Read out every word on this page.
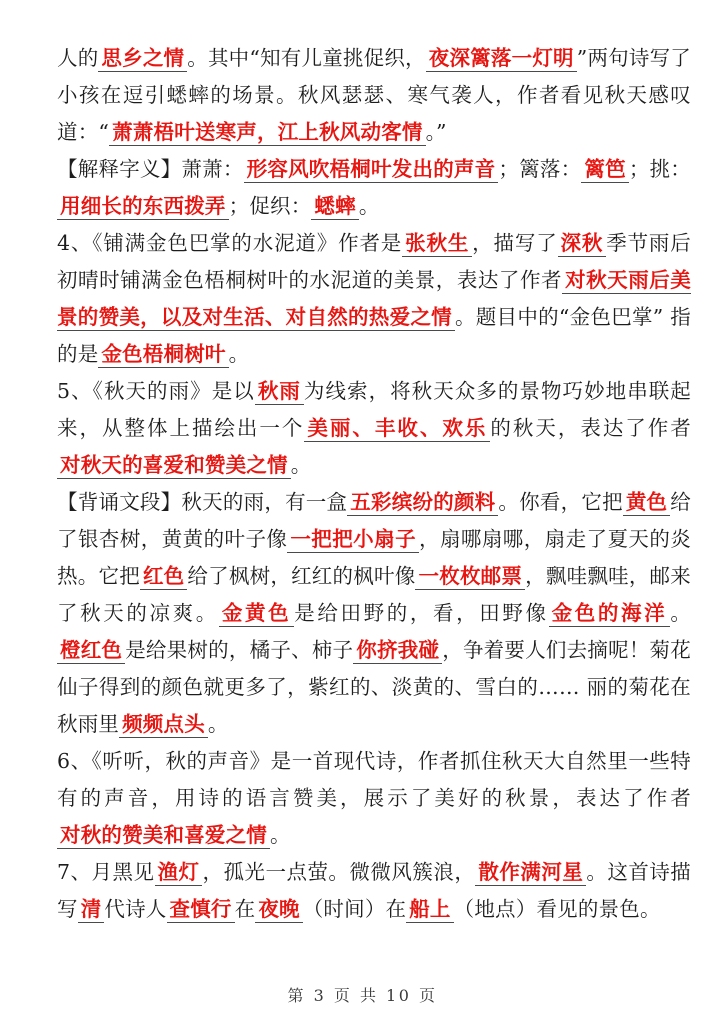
人的 思乡之情 。其中“知有儿童挑促织， 夜深篱落一灯明 ”两句诗写了小孩在逗引蟋蟀的场景。秋风瑟瑟、寒气袭人，作者看见秋天感叹道：“ 萧萧梧叶送寒声，江上秋风动客情 。”

【解释字义】萧萧： 形容风吹梧桐叶发出的声音 ；篱落： 篱笆 ；挑：用细长的东西拨弄 ；促织： 蟋蟀 。

4、《铺满金色巴掌的水泥道》作者是 张秋生 ，描写了 深秋 季节雨后初晴时铺满金色梧桐树叶的水泥道的美景，表达了作者 对秋天雨后美景的赞美，以及对生活、对自然的热爱之情 。题目中的“金色巴掌” 指的是 金色梧桐树叶 。

5、《秋天的雨》是以 秋雨 为线索，将秋天众多的景物巧妙地串联起来，从整体上描绘出一个 美丽、丰收、欢乐 的秋天，表达了作者对秋天的喜爱和赞美之情 。

【背诵文段】秋天的雨，有一盒 五彩缤纷的颜料 。你看，它把 黄色 给了银杏树，黄黄的叶子像 一把把小扇子 ，扇哪扇哪，扇走了夏天的炎热。它把 红色 给了枫树，红红的枫叶像 一枚枚邮票 ，飘哇飘哇，邮来了秋天的凉爽。 金黄色 是给田野的，看，田野像 金色的海洋 。橙红色 是给果树的，橘子、柿子 你挤我碰 ，争着要人们去摘呢！菊花仙子得到的颜色就更多了，紫红的、淡黄的、雪白的…… 丽的菊花在秋雨里 频频点头 。

6、《听听，秋的声音》是一首现代诗，作者抓住秋天大自然里一些特有的声音，用诗的语言赞美，展示了美好的秋景，表达了作者对秋的赞美和喜爱之情 。

7、月黑见 渔灯 ，孤光一点萤。微微风簇浪， 散作满河星 。这首诗描写 清 代诗人 查慎行 在 夜晚 （时间）在 船上 （地点）看见的景色。

第 3 页 共 10 页
